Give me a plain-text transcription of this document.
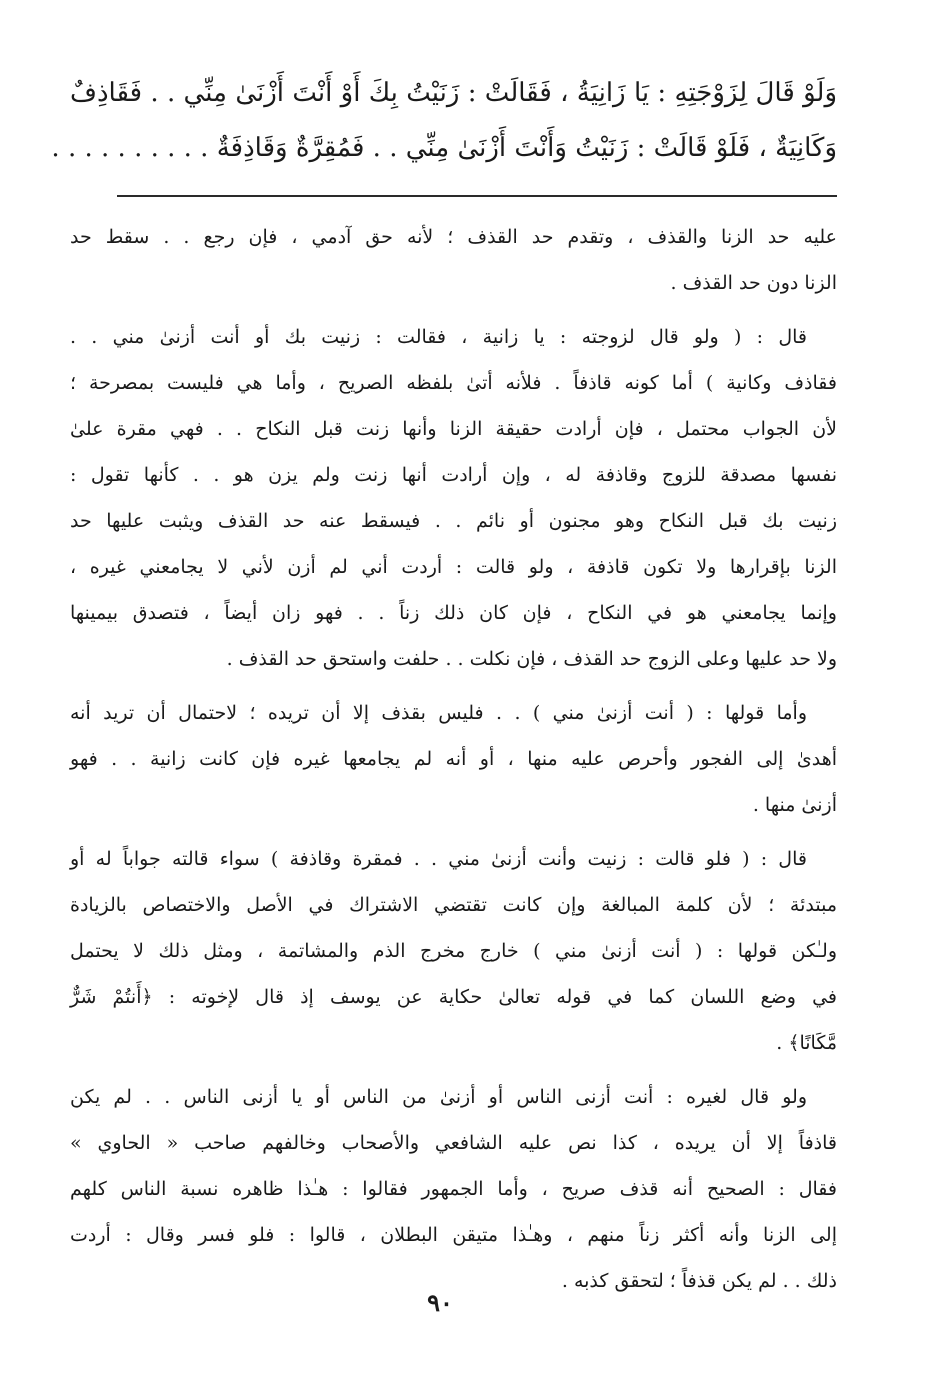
وَلَوْ قَالَ لِزَوْجَتِهِ : يَا زَانِيَةُ ، فَقَالَتْ : زَنَيْتُ بِكَ أَوْ أَنْتَ أَزْنَىٰ مِنِّي . . فَقَاذِفٌ
وَكَانِيَةٌ ، فَلَوْ قَالَتْ : زَنَيْتُ وَأَنْتَ أَزْنَىٰ مِنِّي . . فَمُقِرَّةٌ وَقَاذِفَةٌ . . . . . . . . . .
عليه حد الزنا والقذف ، وتقدم حد القذف ؛ لأنه حق آدمي ، فإن رجع . . سقط حد
الزنا دون حد القذف .
قال : ( ولو قال لزوجته : يا زانية ، فقالت : زنيت بك أو أنت أزنىٰ مني . .
فقاذف وكانية ) أما كونه قاذفاً . فلأنه أتىٰ بلفظه الصريح ، وأما هي فليست بمصرحة ؛
لأن الجواب محتمل ، فإن أرادت حقيقة الزنا وأنها زنت قبل النكاح . . فهي مقرة علىٰ
نفسها مصدقة للزوج وقاذفة له ، وإن أرادت أنها زنت ولم يزن هو . . كأنها تقول :
زنيت بك قبل النكاح وهو مجنون أو نائم . . فيسقط عنه حد القذف ويثبت عليها حد
الزنا بإقرارها ولا تكون قاذفة ، ولو قالت : أردت أني لم أزن لأني لا يجامعني غيره ،
وإنما يجامعني هو في النكاح ، فإن كان ذلك زناً . . فهو زان أيضاً ، فتصدق بيمينها
ولا حد عليها وعلى الزوج حد القذف ، فإن نكلت . . حلفت واستحق حد القذف .
وأما قولها : ( أنت أزنىٰ مني ) . . فليس بقذف إلا أن تريده ؛ لاحتمال أن تريد أنه
أهدىٰ إلى الفجور وأحرص عليه منها ، أو أنه لم يجامعها غيره فإن كانت زانية . . فهو
أزنىٰ منها .
قال : ( فلو قالت : زنيت وأنت أزنىٰ مني . . فمقرة وقاذفة ) سواء قالته جواباً له أو
مبتدئة ؛ لأن كلمة المبالغة وإن كانت تقتضي الاشتراك في الأصل والاختصاص بالزيادة
ولـٰكن قولها : ( أنت أزنىٰ مني ) خارج مخرج الذم والمشاتمة ، ومثل ذلك لا يحتمل
في وضع اللسان كما في قوله تعالىٰ حكاية عن يوسف إذ قال لإخوته : ﴿أَنتُمْ شَرٌّ
مَّكَانًا﴾ .
ولو قال لغيره : أنت أزنى الناس أو أزنىٰ من الناس أو يا أزنى الناس . . لم يكن
قاذفاً إلا أن يريده ، كذا نص عليه الشافعي والأصحاب وخالفهم صاحب « الحاوي »
فقال : الصحيح أنه قذف صريح ، وأما الجمهور فقالوا : هـٰذا ظاهره نسبة الناس كلهم
إلى الزنا وأنه أكثر زناً منهم ، وهـٰذا متيقن البطلان ، قالوا : فلو فسر وقال : أردت
ذلك . . لم يكن قذفاً ؛ لتحقق كذبه .
٩٠
